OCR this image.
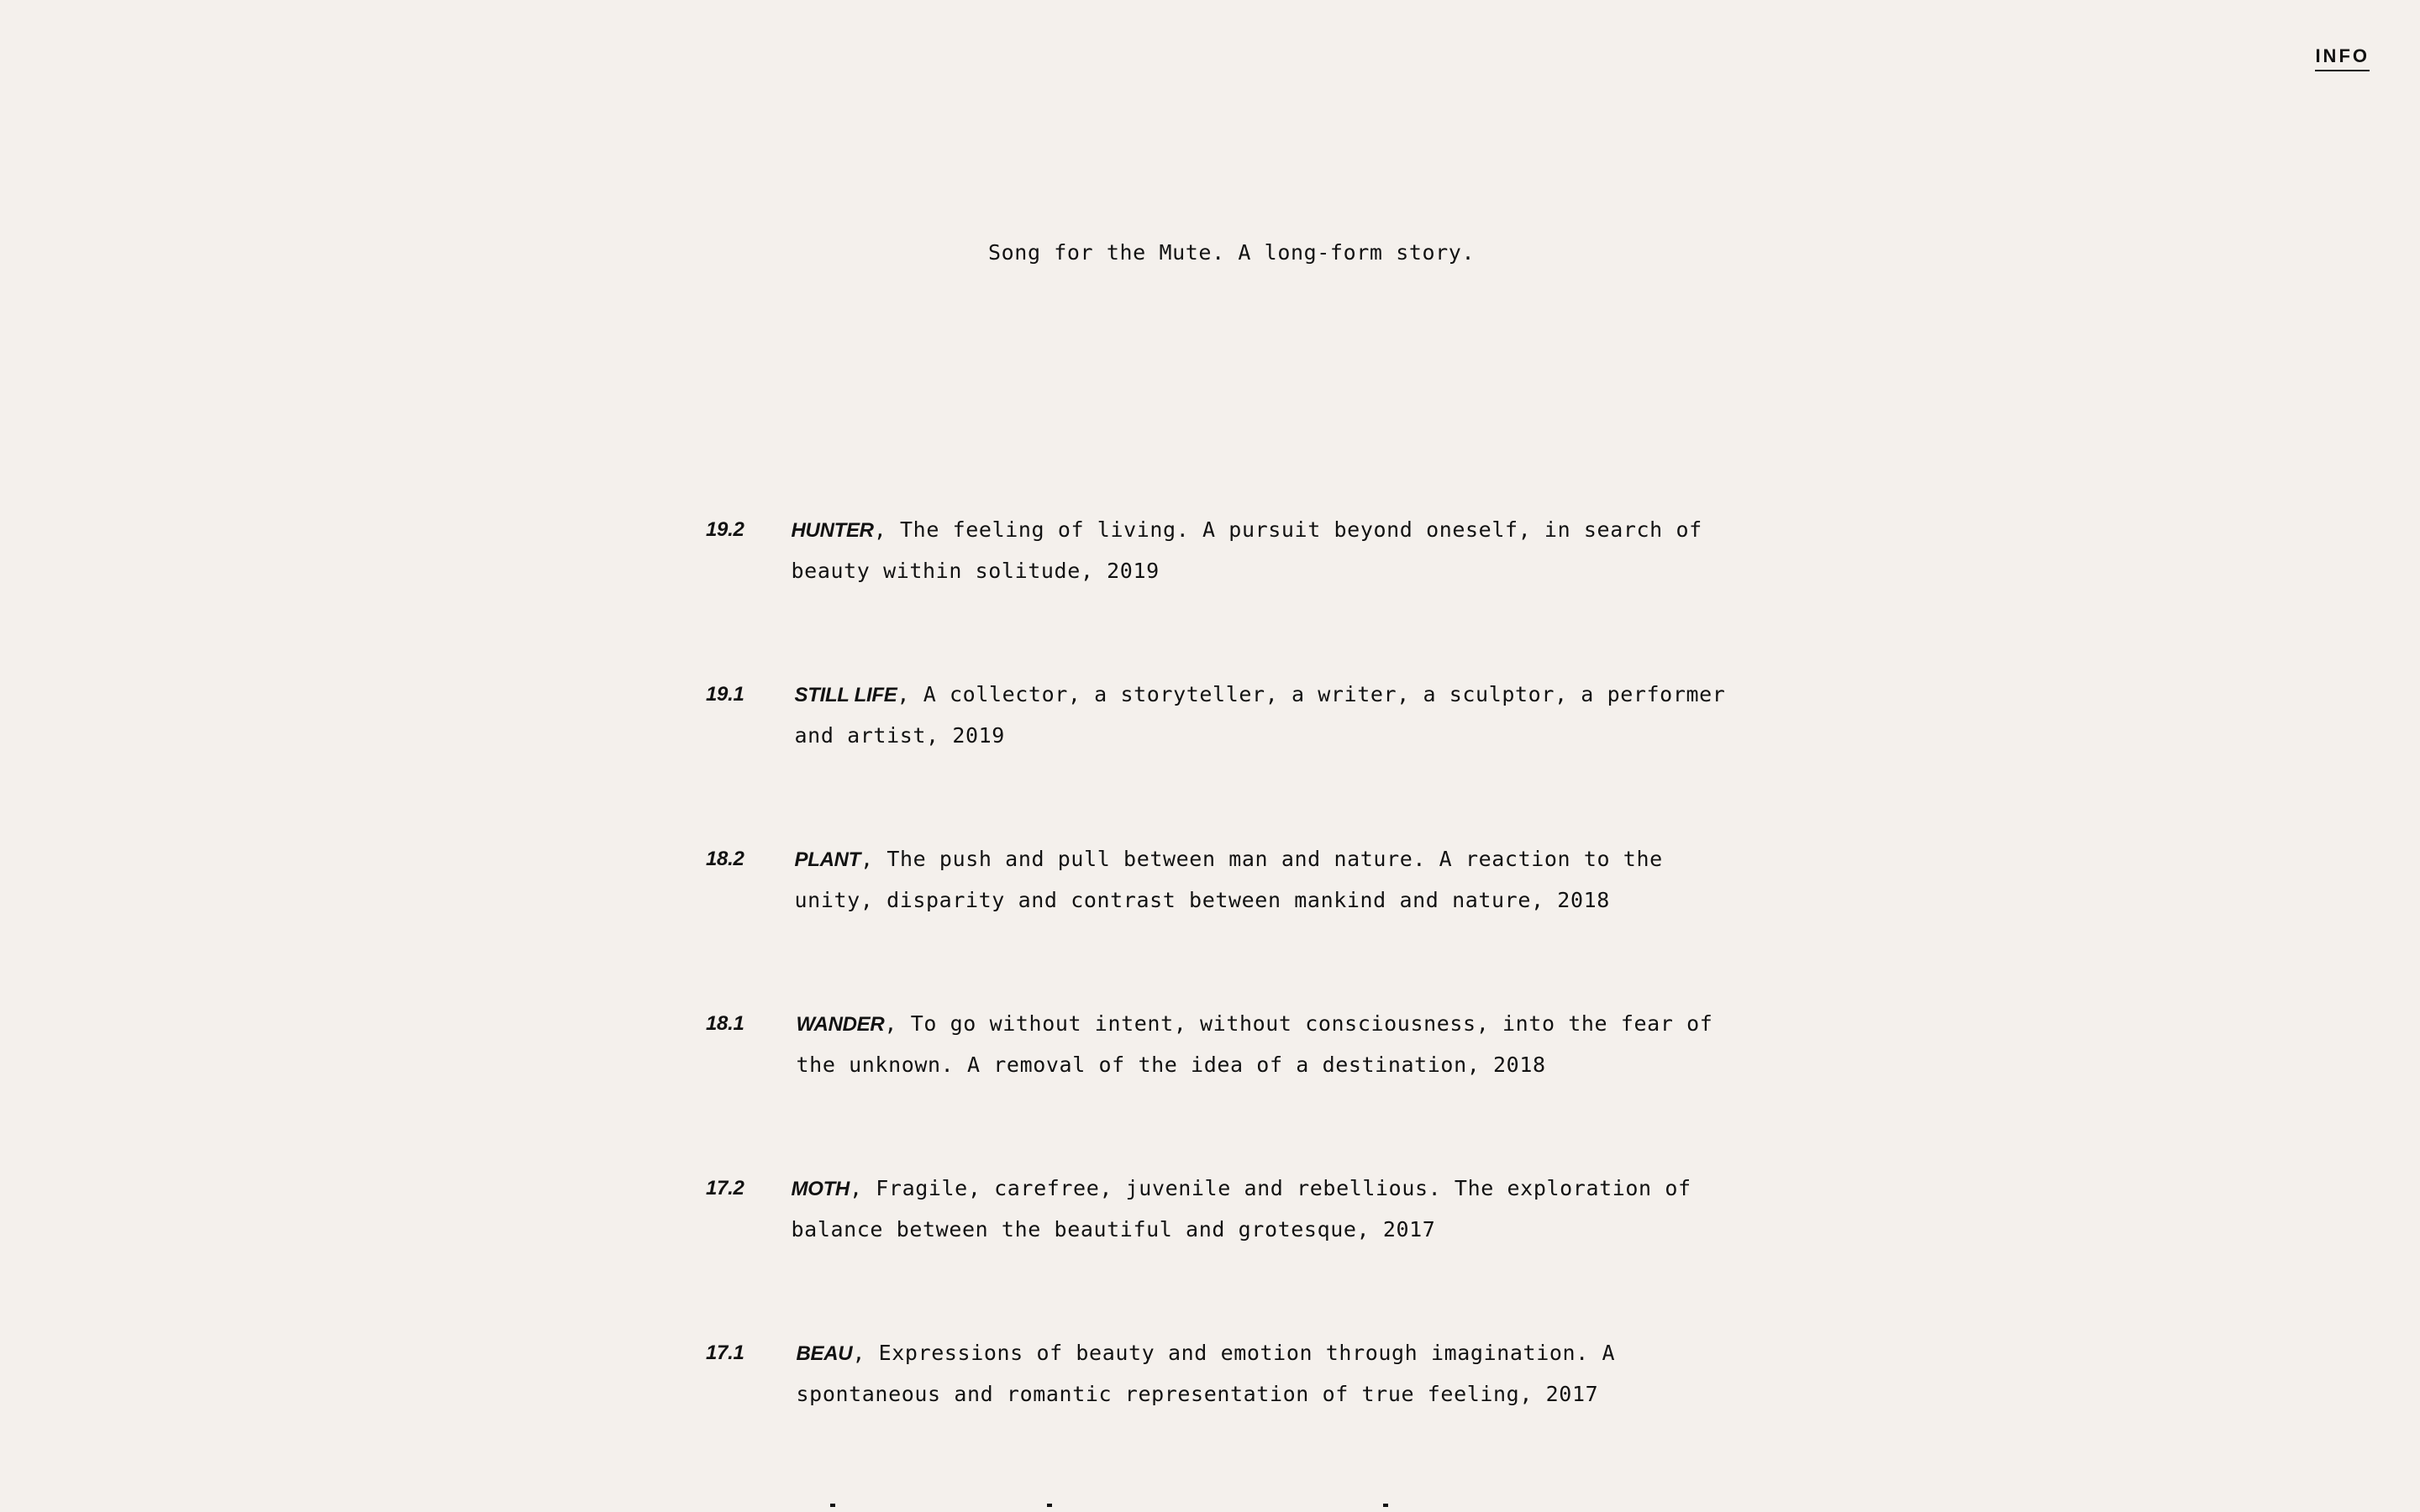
INFO
Song for the Mute. A long-form story.
19.2 HUNTER, The feeling of living. A pursuit beyond oneself, in search of beauty within solitude, 2019
19.1	STILL LIFE, A collector, a storyteller, a writer, a sculptor, a performer and artist, 2019
18.2	PLANT, The push and pull between man and nature. A reaction to the unity, disparity and contrast between mankind and nature, 2018
18.1	WANDER, To go without intent, without consciousness, into the fear of the unknown. A removal of the idea of a destination, 2018
17.2 MOTH, Fragile, carefree, juvenile and rebellious. The exploration of balance between the beautiful and grotesque, 2017
17.1	BEAU, Expressions of beauty and emotion through imagination. A spontaneous and romantic representation of true feeling, 2017
